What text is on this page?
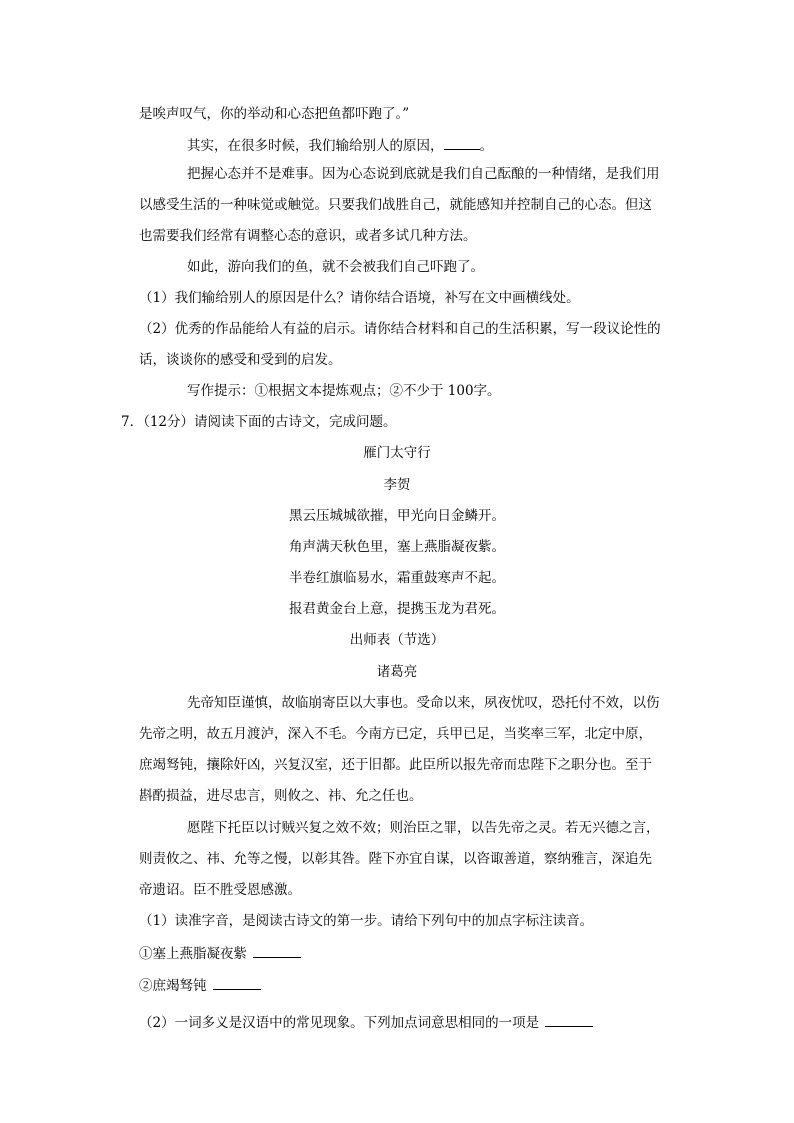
是唉声叹气，你的举动和心态把鱼都吓跑了。”
其实，在很多时候，我们输给别人的原因，	。
把握心态并不是难事。因为心态说到底就是我们自己酝酿的一种情绪，是我们用
以感受生活的一种味觉或触觉。只要我们战胜自己，就能感知并控制自己的心态。但这
也需要我们经常有调整心态的意识，或者多试几种方法。
如此，游向我们的鱼，就不会被我们自己吓跑了。
（1）我们输给别人的原因是什么？请你结合语境，补写在文中画横线处。
（2）优秀的作品能给人有益的启示。请你结合材料和自己的生活积累，写一段议论性的
话，谈谈你的感受和受到的启发。
写作提示：①根据文本提炼观点；②不少于 100字。
7．（12分）请阅读下面的古诗文，完成问题。
雁门太守行
李贺
黑云压城城欲摧，甲光向日金鳞开。
角声满天秋色里，塞上燕脂凝夜紫。
半卷红旗临易水，霜重鼓寒声不起。
报君黄金台上意，提携玉龙为君死。
出师表（节选）
诸葛亮
先帝知臣谨慎，故临崩寄臣以大事也。受命以来，夙夜忧叹，恐托付不效，以伤
先帝之明，故五月渡泸，深入不毛。今南方已定，兵甲已足，当奖率三军，北定中原，
庶竭驽钝，攘除奸凶，兴复汉室，还于旧都。此臣所以报先帝而忠陛下之职分也。至于
斟酌损益，进尽忠言，则攸之、祎、允之任也。
愿陛下托臣以讨贼兴复之效不效；则治臣之罪，以告先帝之灵。若无兴德之言，
则责攸之、祎、允等之慢，以彰其咎。陛下亦宜自谋，以咨诹善道，察纳雅言，深追先
帝遗诏。臣不胜受恩感激。
（1）读准字音，是阅读古诗文的第一步。请给下列句中的加点字标注读音。
①塞上燕脂凝夜紫
②庶竭驽钝
（2）一词多义是汉语中的常见现象。下列加点词意思相同的一项是
